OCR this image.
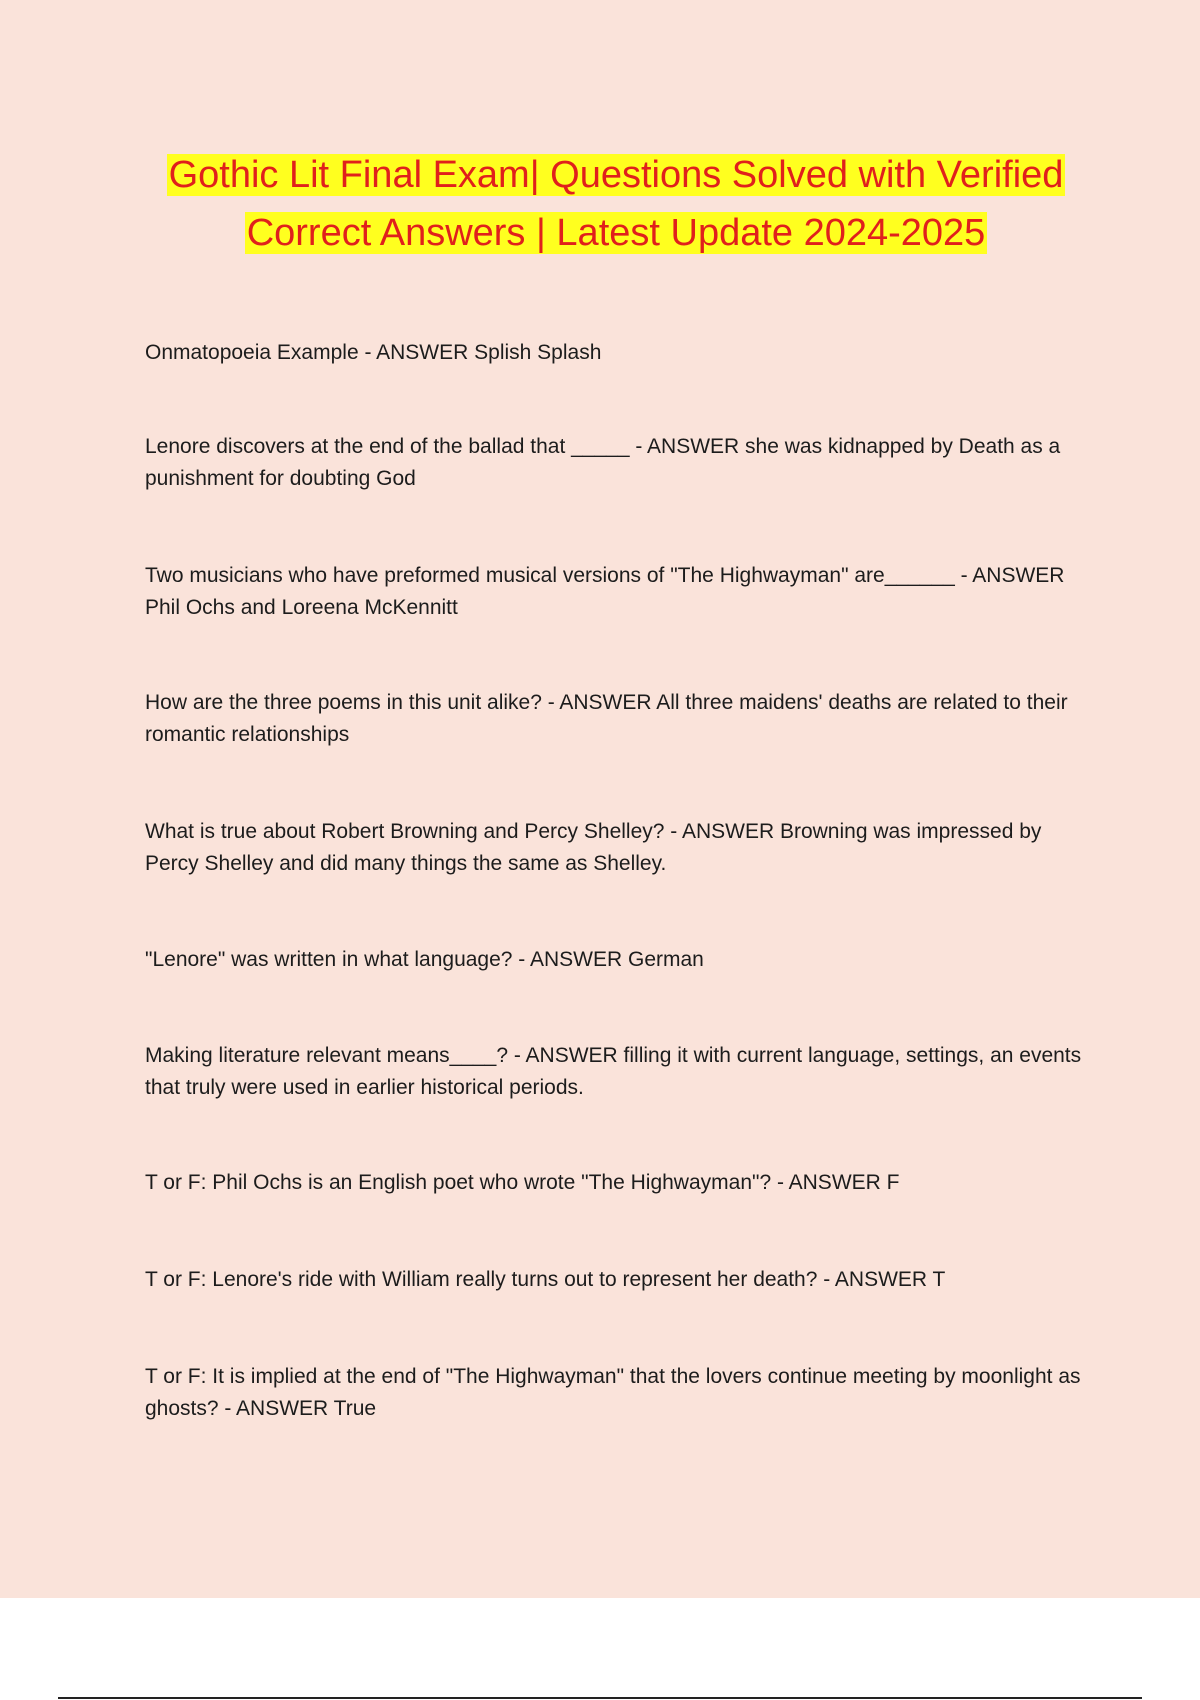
Gothic Lit Final Exam| Questions Solved with Verified Correct Answers | Latest Update 2024-2025

Onmatopoeia Example - ANSWER Splish Splash

Lenore discovers at the end of the ballad that _____ - ANSWER she was kidnapped by Death as a punishment for doubting God

Two musicians who have preformed musical versions of "The Highwayman" are______ - ANSWER Phil Ochs and Loreena McKennitt

How are the three poems in this unit alike? - ANSWER All three maidens' deaths are related to their romantic relationships

What is true about Robert Browning and Percy Shelley? - ANSWER Browning was impressed by Percy Shelley and did many things the same as Shelley.

"Lenore" was written in what language? - ANSWER German

Making literature relevant means____? - ANSWER filling it with current language, settings, an events that truly were used in earlier historical periods.

T or F: Phil Ochs is an English poet who wrote "The Highwayman"? - ANSWER F

T or F: Lenore's ride with William really turns out to represent her death? - ANSWER T

T or F: It is implied at the end of "The Highwayman" that the lovers continue meeting by moonlight as ghosts? - ANSWER True
